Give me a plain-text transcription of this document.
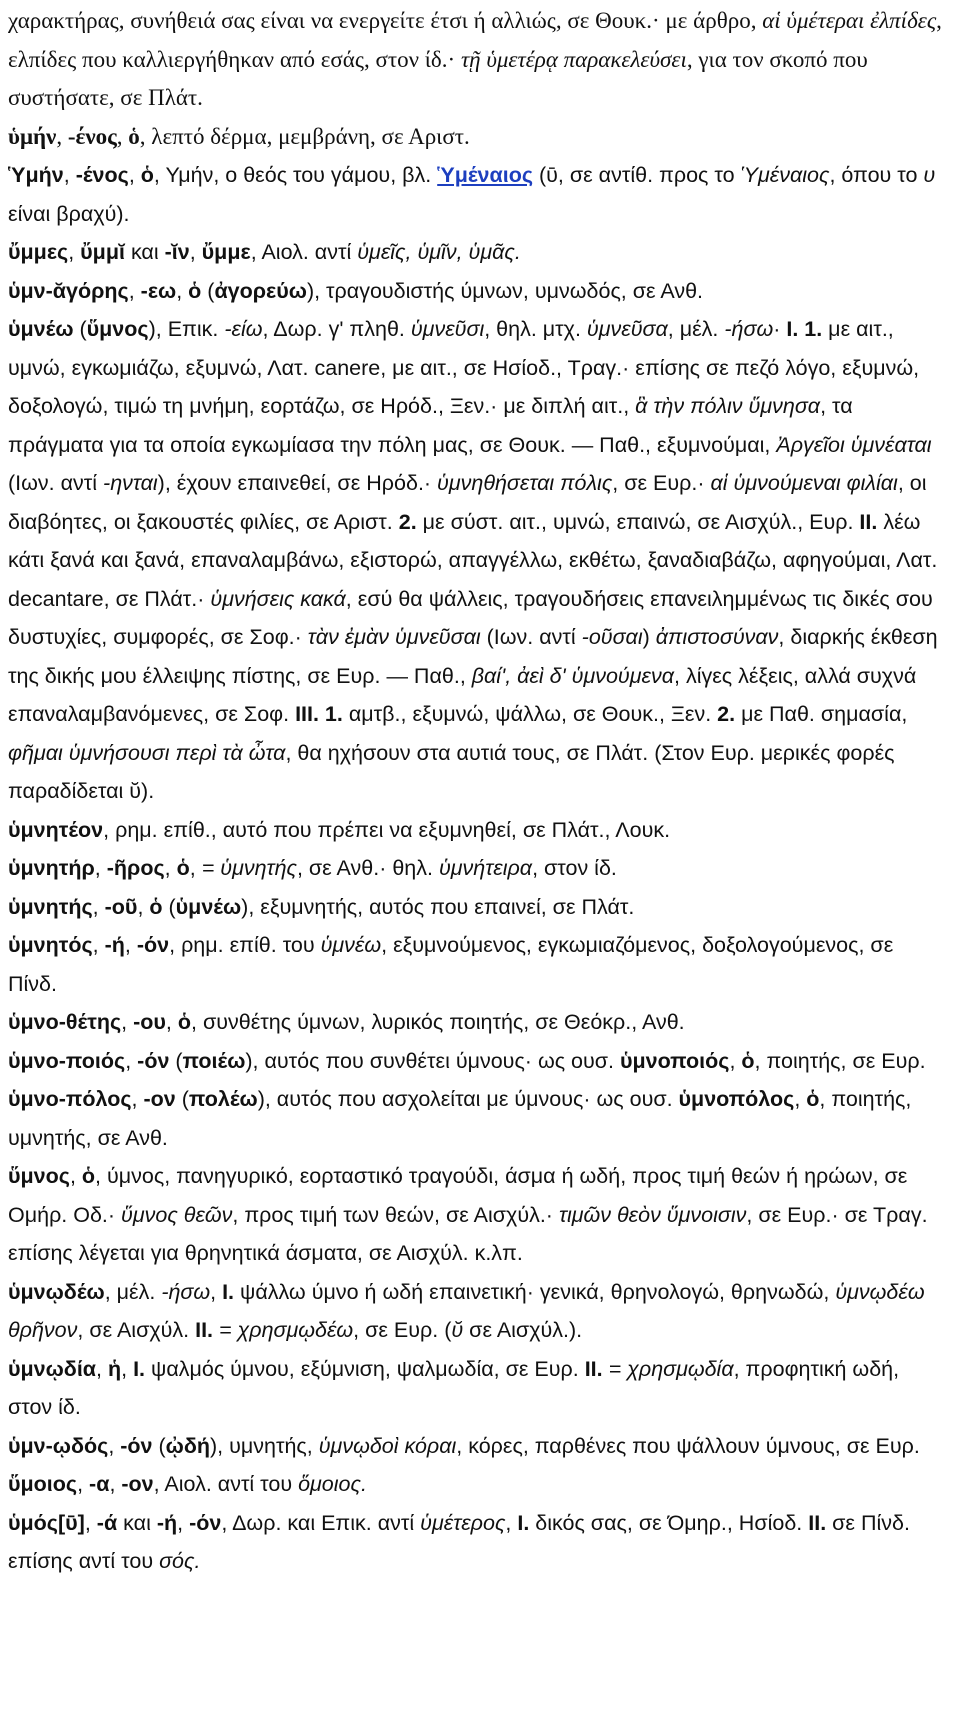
χαρακτήρας, συνήθειά σας είναι να ενεργείτε έτσι ή αλλιώς, σε Θουκ.· με άρθρο, αἱ ὑμέτεραι ἐλπίδες, ελπίδες που καλλιεργήθηκαν από εσάς, στον ίδ.· τῇ ὑμετέρᾳ παρακελεύσει, για τον σκοπό που συστήσατε, σε Πλάτ.

ὑμήν, -ένος, ὁ, λεπτό δέρμα, μεμβράνη, σε Αριστ.

Ὑμήν, -ένος, ὁ, Υμήν, ο θεός του γάμου, βλ. Ὑμέναιος (ῡ, σε αντίθ. προς το Ὑμέναιος, όπου το υ είναι βραχύ).

ὔμμες, ὔμμῐ και -ῐν, ὔμμε, Αιολ. αντί ὑμεῖς, ὑμῖν, ὑμᾶς.

ὑμν-ᾰγόρης, -εω, ὁ (ἀγορεύω), τραγουδιστής ύμνων, υμνωδός, σε Ανθ.

ὑμνέω (ὕμνος), Επικ. -είω, Δωρ. γ' πληθ. ὑμνεῦσι, θηλ. μτχ. ὑμνεῦσα, μέλ. -ήσω· I. 1. με αιτ., υμνώ, εγκωμιάζω, εξυμνώ, Λατ. canere, με αιτ., σε Ησίοδ., Τραγ.· επίσης σε πεζό λόγο, εξυμνώ, δοξολογώ, τιμώ τη μνήμη, εορτάζω, σε Ηρόδ., Ξεν.· με διπλή αιτ., ἃ τὴν πόλιν ὕμνησα, τα πράγματα για τα οποία εγκωμίασα την πόλη μας, σε Θουκ. — Παθ., εξυμνούμαι, Ἀργεῖοι ὑμνέαται (Ιων. αντί -ηνται), έχουν επαινεθεί, σε Ηρόδ.· ὑμνηθήσεται πόλις, σε Ευρ.· αἱ ὑμνούμεναι φιλίαι, οι διαβόητες, οι ξακουστές φιλίες, σε Αριστ. 2. με σύστ. αιτ., υμνώ, επαινώ, σε Αισχύλ., Ευρ. II. λέω κάτι ξανά και ξανά, επαναλαμβάνω, εξιστορώ, απαγγέλλω, εκθέτω, ξαναδιαβάζω, αφηγούμαι, Λατ. decantare, σε Πλάτ.· ὑμνήσεις κακά, εσύ θα ψάλλεις, τραγουδήσεις επανειλημμένως τις δικές σου δυστυχίες, συμφορές, σε Σοφ.· τὰν ἐμὰν ὑμνεῦσαι (Ιων. αντί -οῦσαι) ἀπιστοσύναν, διαρκής έκθεση της δικής μου έλλειψης πίστης, σε Ευρ. — Παθ., βαί', ἀεὶ δ' ὑμνούμενα, λίγες λέξεις, αλλά συχνά επαναλαμβανόμενες, σε Σοφ. III. 1. αμτβ., εξυμνώ, ψάλλω, σε Θουκ., Ξεν. 2. με Παθ. σημασία, φῆμαι ὑμνήσουσι περὶ τὰ ὦτα, θα ηχήσουν στα αυτιά τους, σε Πλάτ. (Στον Ευρ. μερικές φορές παραδίδεται ῠ).

ὑμνητέον, ρημ. επίθ., αυτό που πρέπει να εξυμνηθεί, σε Πλάτ., Λουκ.

ὑμνητήρ, -ῆρος, ὁ, = ὑμνητής, σε Ανθ.· θηλ. ὑμνήτειρα, στον ίδ.

ὑμνητής, -οῦ, ὁ (ὑμνέω), εξυμνητής, αυτός που επαινεί, σε Πλάτ.

ὑμνητός, -ή, -όν, ρημ. επίθ. του ὑμνέω, εξυμνούμενος, εγκωμιαζόμενος, δοξολογούμενος, σε Πίνδ.

ὑμνο-θέτης, -ου, ὁ, συνθέτης ύμνων, λυρικός ποιητής, σε Θεόκρ., Ανθ.

ὑμνο-ποιός, -όν (ποιέω), αυτός που συνθέτει ύμνους· ως ουσ. ὑμνοποιός, ὁ, ποιητής, σε Ευρ.

ὑμνο-πόλος, -ον (πολέω), αυτός που ασχολείται με ύμνους· ως ουσ. ὑμνοπόλος, ὁ, ποιητής, υμνητής, σε Ανθ.

ὕμνος, ὁ, ύμνος, πανηγυρικό, εορταστικό τραγούδι, άσμα ή ωδή, προς τιμή θεών ή ηρώων, σε Ομήρ. Οδ.· ὕμνος θεῶν, προς τιμή των θεών, σε Αισχύλ.· τιμῶν θεὸν ὕμνοισιν, σε Ευρ.· σε Τραγ. επίσης λέγεται για θρηνητικά άσματα, σε Αισχύλ. κ.λπ.

ὑμνῳδέω, μέλ. -ήσω, I. ψάλλω ύμνο ή ωδή επαινετική· γενικά, θρηνολογώ, θρηνωδώ, ὑμνῳδέω θρῆνον, σε Αισχύλ. II. = χρησμῳδέω, σε Ευρ. (ῠ σε Αισχύλ.).

ὑμνῳδία, ἡ, I. ψαλμός ύμνου, εξύμνιση, ψαλμωδία, σε Ευρ. II. = χρησμῳδία, προφητική ωδή, στον ίδ.

ὑμν-ῳδός, -όν (ᾠδή), υμνητής, ὑμνῳδοὶ κόραι, κόρες, παρθένες που ψάλλουν ύμνους, σε Ευρ.

ὕμοιος, -α, -ον, Αιολ. αντί του ὅμοιος.

ὑμός[ῡ], -ά και -ή, -όν, Δωρ. και Επικ. αντί ὑμέτερος, I. δικός σας, σε Όμηρ., Ησίοδ. II. σε Πίνδ. επίσης αντί του σός.
